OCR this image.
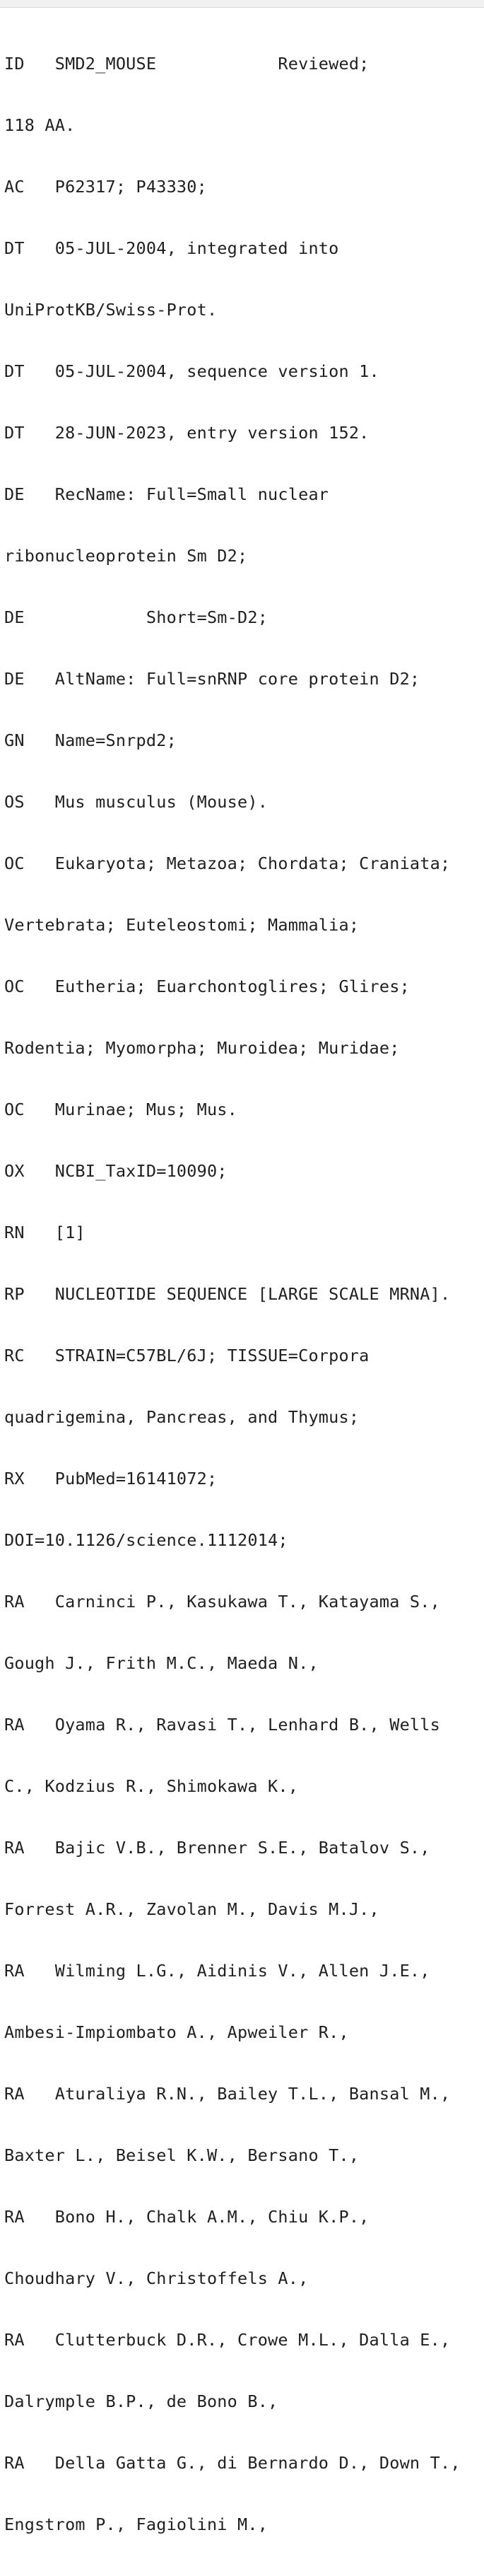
ID   SMD2_MOUSE            Reviewed;

118 AA.

AC   P62317; P43330;

DT   05-JUL-2004, integrated into

UniProtKB/Swiss-Prot.

DT   05-JUL-2004, sequence version 1.

DT   28-JUN-2023, entry version 152.

DE   RecName: Full=Small nuclear

ribonucleoprotein Sm D2;

DE            Short=Sm-D2;

DE   AltName: Full=snRNP core protein D2;

GN   Name=Snrpd2;

OS   Mus musculus (Mouse).

OC   Eukaryota; Metazoa; Chordata; Craniata;

Vertebrata; Euteleostomi; Mammalia;

OC   Eutheria; Euarchontoglires; Glires;

Rodentia; Myomorpha; Muroidea; Muridae;

OC   Murinae; Mus; Mus.

OX   NCBI_TaxID=10090;

RN   [1]

RP   NUCLEOTIDE SEQUENCE [LARGE SCALE MRNA].

RC   STRAIN=C57BL/6J; TISSUE=Corpora

quadrigemina, Pancreas, and Thymus;

RX   PubMed=16141072;

DOI=10.1126/science.1112014;

RA   Carninci P., Kasukawa T., Katayama S.,

Gough J., Frith M.C., Maeda N.,

RA   Oyama R., Ravasi T., Lenhard B., Wells

C., Kodzius R., Shimokawa K.,

RA   Bajic V.B., Brenner S.E., Batalov S.,

Forrest A.R., Zavolan M., Davis M.J.,

RA   Wilming L.G., Aidinis V., Allen J.E.,

Ambesi-Impiombato A., Apweiler R.,

RA   Aturaliya R.N., Bailey T.L., Bansal M.,

Baxter L., Beisel K.W., Bersano T.,

RA   Bono H., Chalk A.M., Chiu K.P.,

Choudhary V., Christoffels A.,

RA   Clutterbuck D.R., Crowe M.L., Dalla E.,

Dalrymple B.P., de Bono B.,

RA   Della Gatta G., di Bernardo D., Down T.,

Engstrom P., Fagiolini M.,
